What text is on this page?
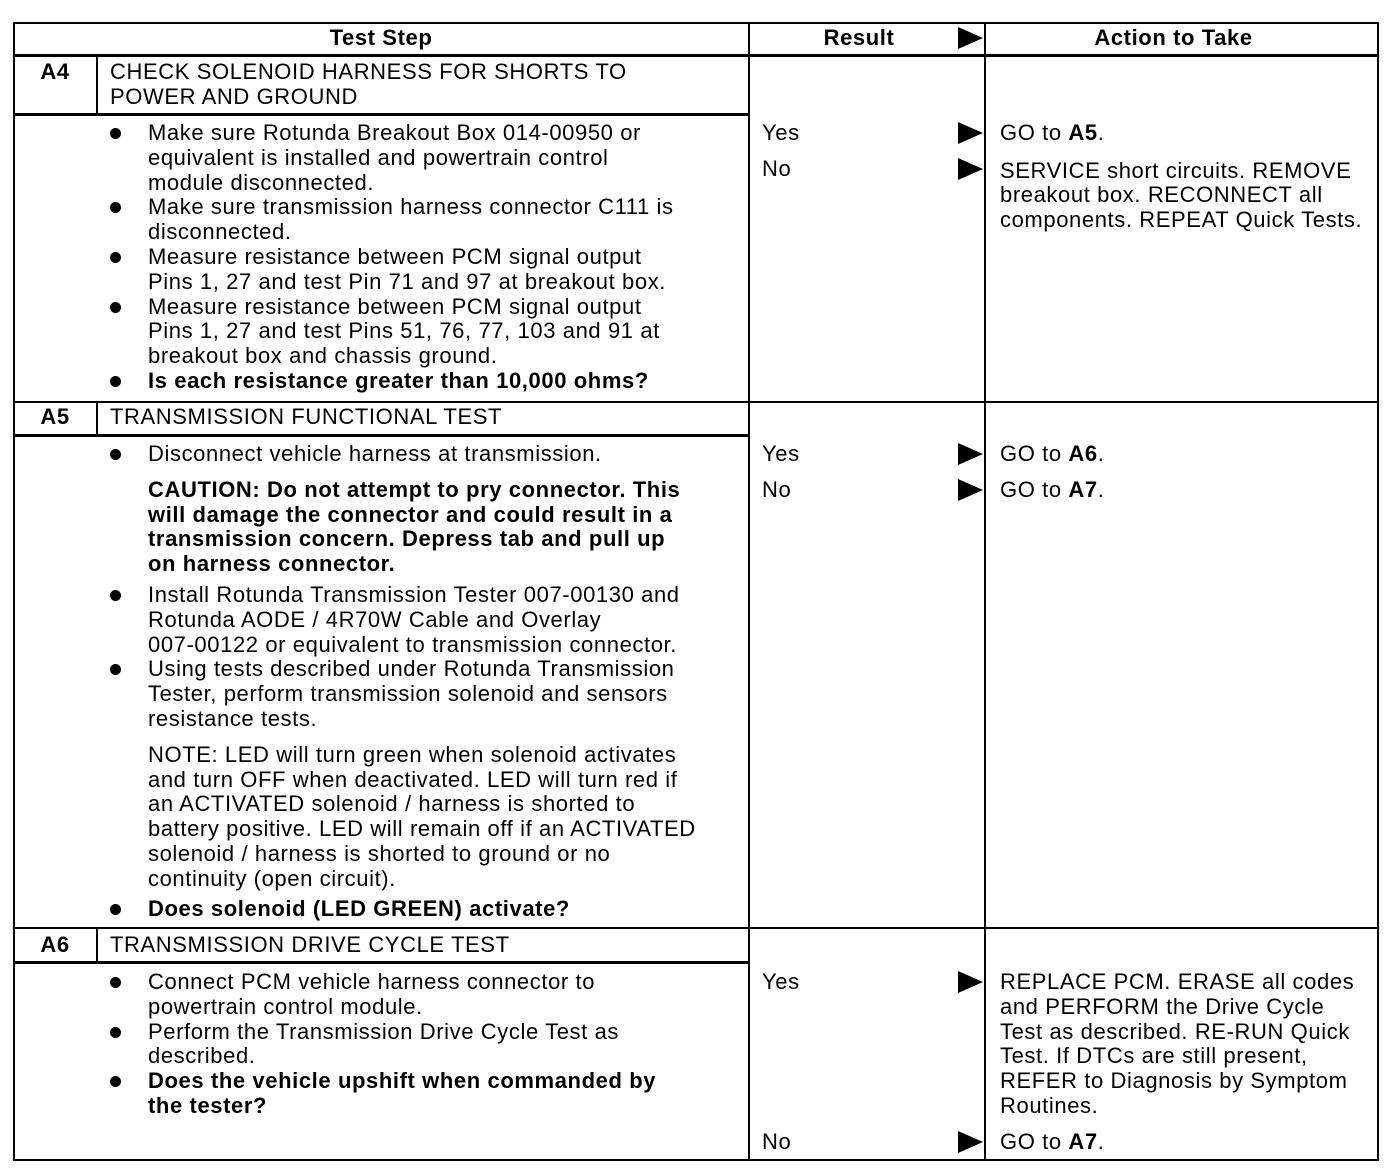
Test Step	Result	Action to Take
A4	CHECK SOLENOID HARNESS FOR SHORTS TO
POWER AND GROUND
Make sure Rotunda Breakout Box 014-00950 or
equivalent is installed and powertrain control
module disconnected.
Make sure transmission harness connector C111 is
disconnected.
Measure resistance between PCM signal output
Pins 1, 27 and test Pin 71 and 97 at breakout box.
Measure resistance between PCM signal output
Pins 1, 27 and test Pins 51, 76, 77, 103 and 91 at
breakout box and chassis ground.
Is each resistance greater than 10,000 ohms?
Yes	GO to A5.
No	SERVICE short circuits. REMOVE
breakout box. RECONNECT all
components. REPEAT Quick Tests.
A5	TRANSMISSION FUNCTIONAL TEST
Disconnect vehicle harness at transmission.
CAUTION: Do not attempt to pry connector. This
will damage the connector and could result in a
transmission concern. Depress tab and pull up
on harness connector.
Install Rotunda Transmission Tester 007-00130 and
Rotunda AODE / 4R70W Cable and Overlay
007-00122 or equivalent to transmission connector.
Using tests described under Rotunda Transmission
Tester, perform transmission solenoid and sensors
resistance tests.
NOTE: LED will turn green when solenoid activates
and turn OFF when deactivated. LED will turn red if
an ACTIVATED solenoid / harness is shorted to
battery positive. LED will remain off if an ACTIVATED
solenoid / harness is shorted to ground or no
continuity (open circuit).
Does solenoid (LED GREEN) activate?
Yes	GO to A6.
No	GO to A7.
A6	TRANSMISSION DRIVE CYCLE TEST
Connect PCM vehicle harness connector to
powertrain control module.
Perform the Transmission Drive Cycle Test as
described.
Does the vehicle upshift when commanded by
the tester?
Yes	REPLACE PCM. ERASE all codes
and PERFORM the Drive Cycle
Test as described. RE-RUN Quick
Test. If DTCs are still present,
REFER to Diagnosis by Symptom
Routines.
No	GO to A7.
